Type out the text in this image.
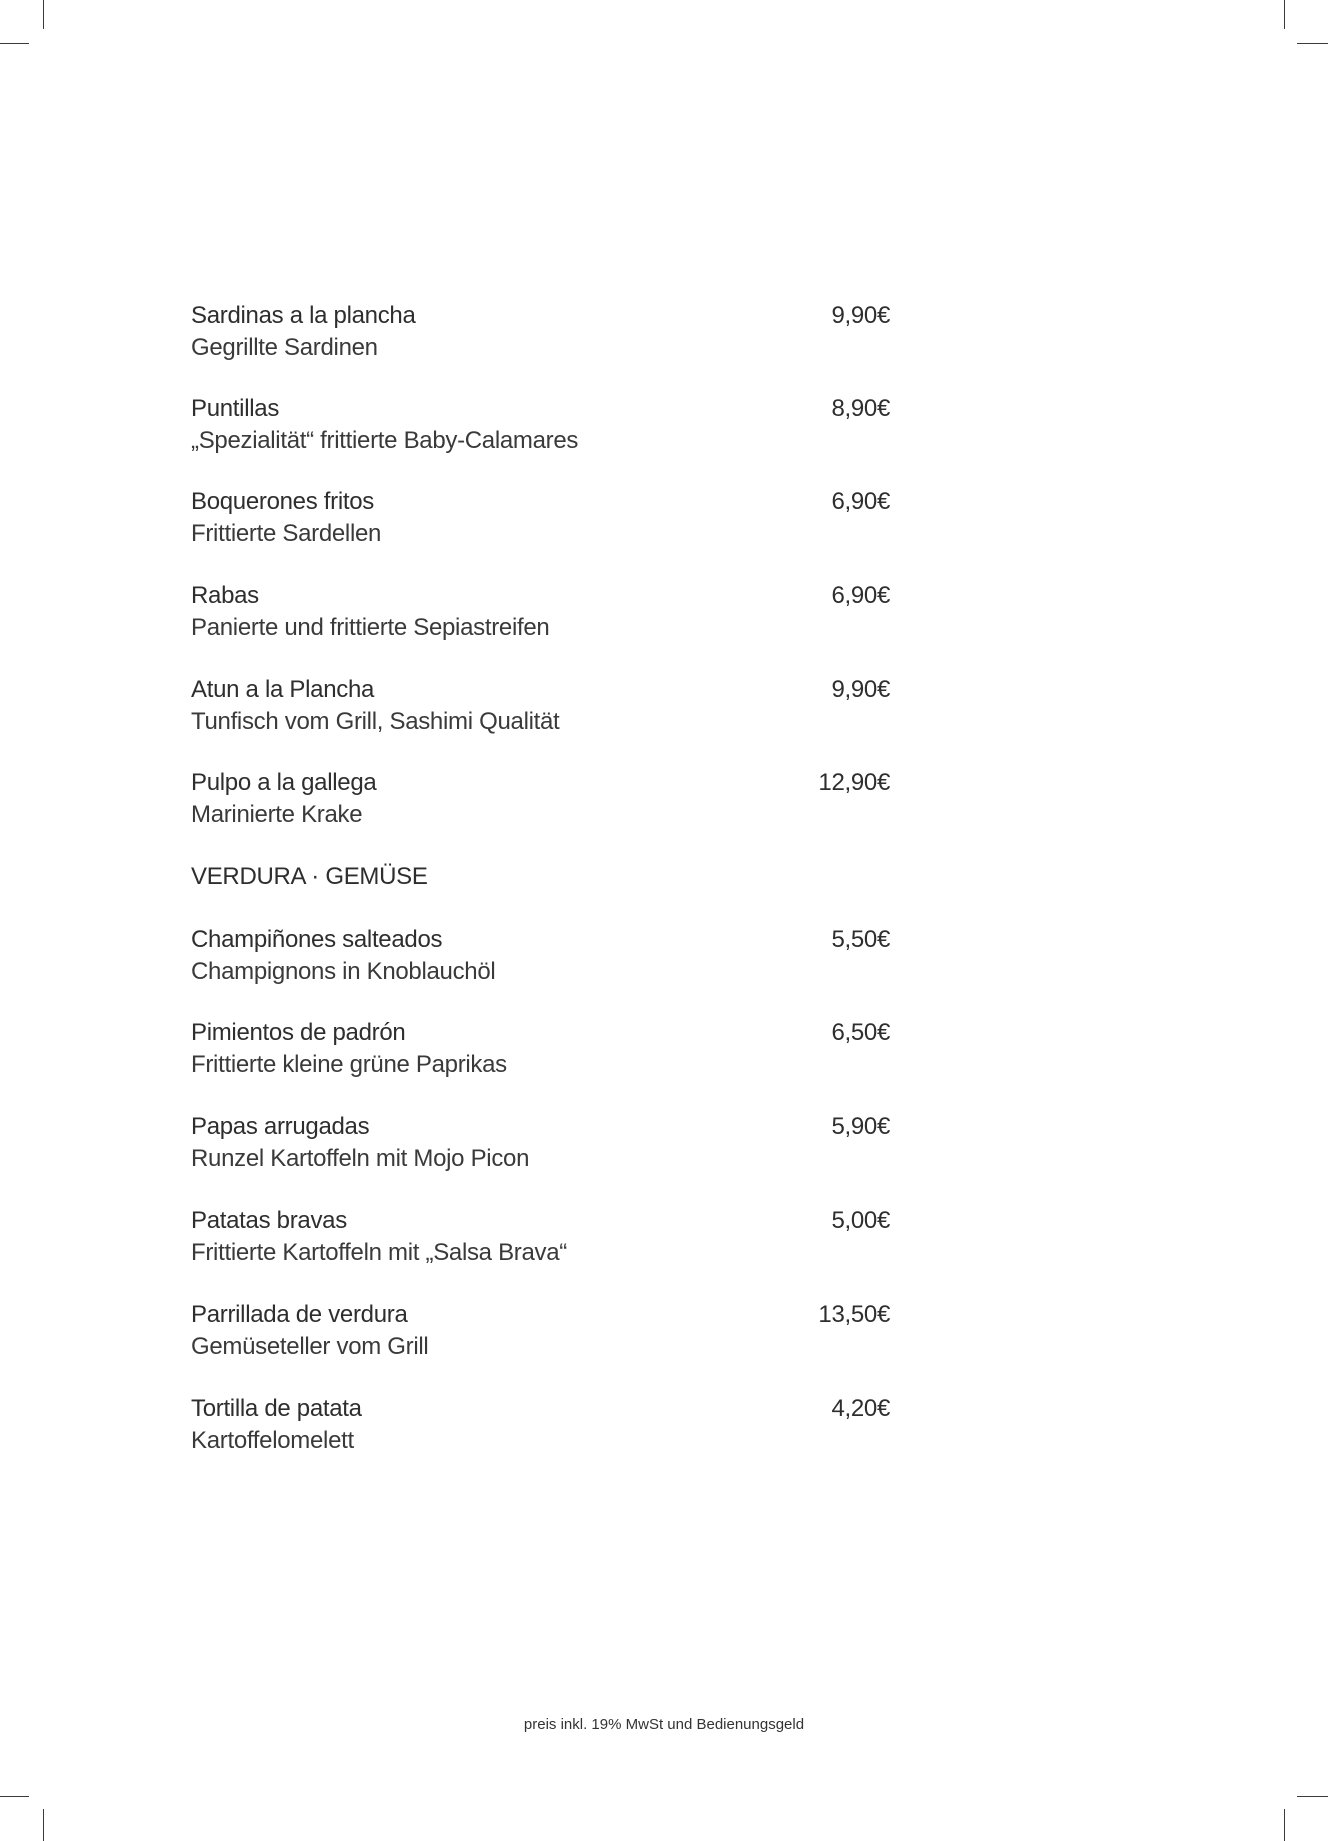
Sardinas a la plancha
Gegrillte Sardinen
9,90€
Puntillas
„Spezialität“ frittierte Baby-Calamares
8,90€
Boquerones fritos
Frittierte Sardellen
6,90€
Rabas
Panierte und frittierte Sepiastreifen
6,90€
Atun a la Plancha
Tunfisch vom Grill, Sashimi Qualität
9,90€
Pulpo a la gallega
Marinierte Krake
12,90€
VERDURA · GEMÜSE
Champiñones salteados
Champignons in Knoblauchöl
5,50€
Pimientos de padrón
Frittierte kleine grüne Paprikas
6,50€
Papas arrugadas
Runzel Kartoffeln mit Mojo Picon
5,90€
Patatas bravas
Frittierte Kartoffeln mit „Salsa Brava“
5,00€
Parrillada de verdura
Gemüseteller vom Grill
13,50€
Tortilla de patata
Kartoffelomelett
4,20€
preis inkl. 19% MwSt und Bedienungsgeld
